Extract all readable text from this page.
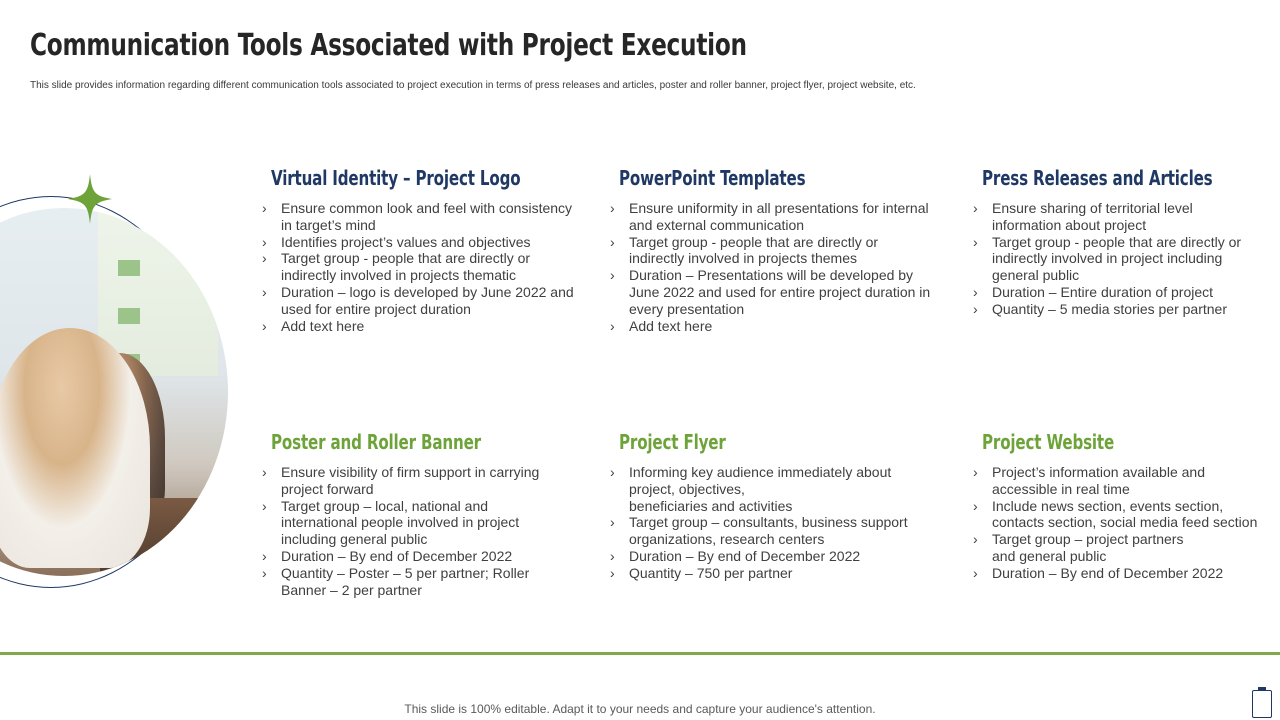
Communication Tools Associated with Project Execution
This slide provides information regarding different communication tools associated to project execution in terms of press releases and articles, poster and roller banner, project flyer, project website, etc.
Virtual Identity – Project Logo
› Ensure common look and feel with consistency
in target’s mind
› Identifies project’s values and objectives
› Target group - people that are directly or
indirectly involved in projects thematic
› Duration – logo is developed by June 2022 and
used for entire project duration
› Add text here
PowerPoint Templates
› Ensure uniformity in all presentations for internal
and external communication
› Target group - people that are directly or
indirectly involved in projects themes
› Duration – Presentations will be developed by
June 2022 and used for entire project duration in
every presentation
› Add text here
Press Releases and Articles
› Ensure sharing of territorial level
information about project
› Target group - people that are directly or
indirectly involved in project including
general public
› Duration – Entire duration of project
› Quantity – 5 media stories per partner
Poster and Roller Banner
› Ensure visibility of firm support in carrying
project forward
› Target group – local, national and
international people involved in project
including general public
› Duration – By end of December 2022
› Quantity – Poster – 5 per partner; Roller
Banner – 2 per partner
Project Flyer
› Informing key audience immediately about
project, objectives,
beneficiaries and activities
› Target group – consultants, business support
organizations, research centers
› Duration – By end of December 2022
› Quantity – 750 per partner
Project Website
› Project’s information available and
accessible in real time
› Include news section, events section,
contacts section, social media feed section
› Target group – project partners
and general public
› Duration – By end of December 2022
This slide is 100% editable. Adapt it to your needs and capture your audience's attention.
